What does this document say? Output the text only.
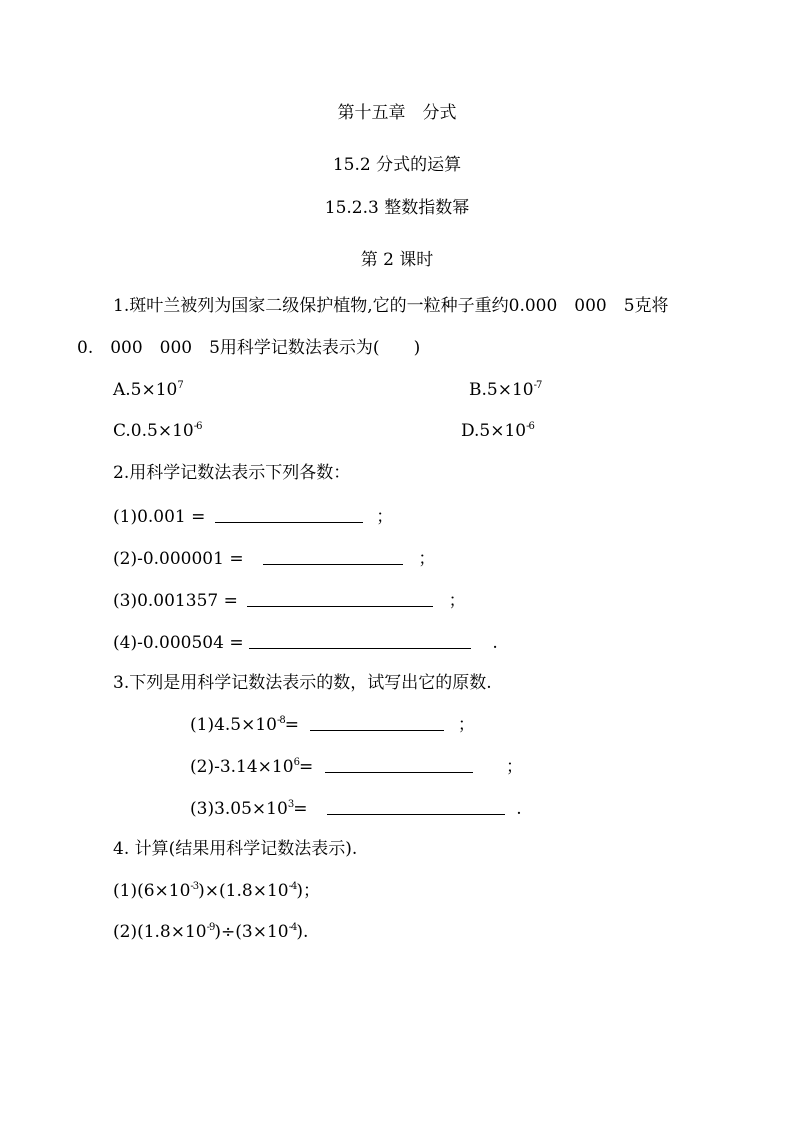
第十五章　分式
15.2 分式的运算
15.2.3 整数指数幂
第 2 课时
1.斑叶兰被列为国家二级保护植物,它的一粒种子重约0.000　000　5克将
0.　000　000　5用科学记数法表示为(　　)
$A.5\times 10^7$	$B.5\times 10^{-7}$
$C.0.5\times 10^{-6}$	$D.5\times 10^{-6}$
2.用科学记数法表示下列各数：
(1)0.001 =	；
(2)-0.000001 =	；
(3)0.001357 =	；
(4)-0.000504 =	.
3.下列是用科学记数法表示的数，试写出它的原数.
$(1)4.5\times 10^{-8}=$	；
$(2)-3.14\times 10^6=$	；
$(3)3.05\times 10^3=$	.
4. 计算(结果用科学记数法表示).
$(1)(6\times 10^{-3})\times(1.8\times 10^{-4})$；
$(2)(1.8\times 10^{-9})\div(3\times 10^{-4})$.
